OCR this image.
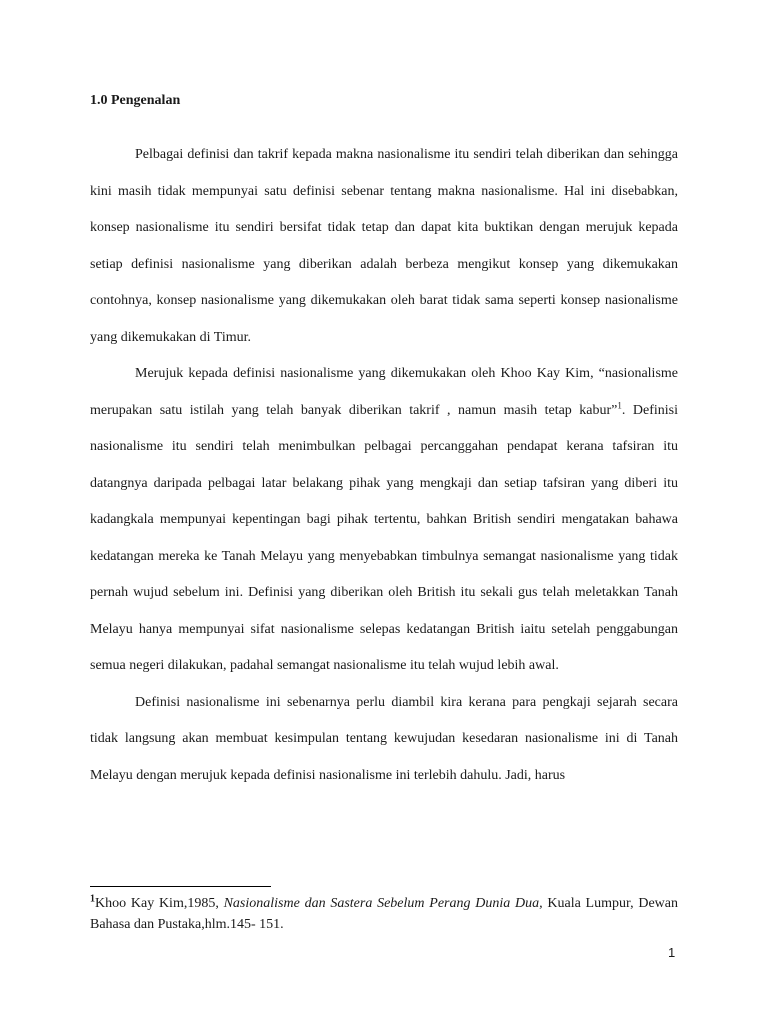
1.0 Pengenalan

Pelbagai definisi dan takrif kepada makna nasionalisme itu sendiri telah diberikan dan sehingga kini masih tidak mempunyai satu definisi sebenar tentang makna nasionalisme. Hal ini disebabkan, konsep nasionalisme itu sendiri bersifat tidak tetap dan dapat kita buktikan dengan merujuk kepada setiap definisi nasionalisme yang diberikan adalah berbeza mengikut konsep yang dikemukakan contohnya, konsep nasionalisme yang dikemukakan oleh barat tidak sama seperti konsep nasionalisme yang dikemukakan di Timur.

Merujuk kepada definisi nasionalisme yang dikemukakan oleh Khoo Kay Kim, “nasionalisme merupakan satu istilah yang telah banyak diberikan takrif , namun masih tetap kabur”$^1$. Definisi nasionalisme itu sendiri telah menimbulkan pelbagai percanggahan pendapat kerana tafsiran itu datangnya daripada pelbagai latar belakang pihak yang mengkaji dan setiap tafsiran yang diberi itu kadangkala mempunyai kepentingan bagi pihak tertentu, bahkan British sendiri mengatakan bahawa kedatangan mereka ke Tanah Melayu yang menyebabkan timbulnya semangat nasionalisme yang tidak pernah wujud sebelum ini. Definisi yang diberikan oleh British itu sekali gus telah meletakkan Tanah Melayu hanya mempunyai sifat nasionalisme selepas kedatangan British iaitu setelah penggabungan semua negeri dilakukan, padahal semangat nasionalisme itu telah wujud lebih awal.

Definisi nasionalisme ini sebenarnya perlu diambil kira kerana para pengkaji sejarah secara tidak langsung akan membuat kesimpulan tentang kewujudan kesedaran nasionalisme ini di Tanah Melayu dengan merujuk kepada definisi nasionalisme ini terlebih dahulu. Jadi, harus

$^1$Khoo Kay Kim,1985, Nasionalisme dan Sastera Sebelum Perang Dunia Dua, Kuala Lumpur, Dewan Bahasa dan Pustaka,hlm.145- 151.
1
